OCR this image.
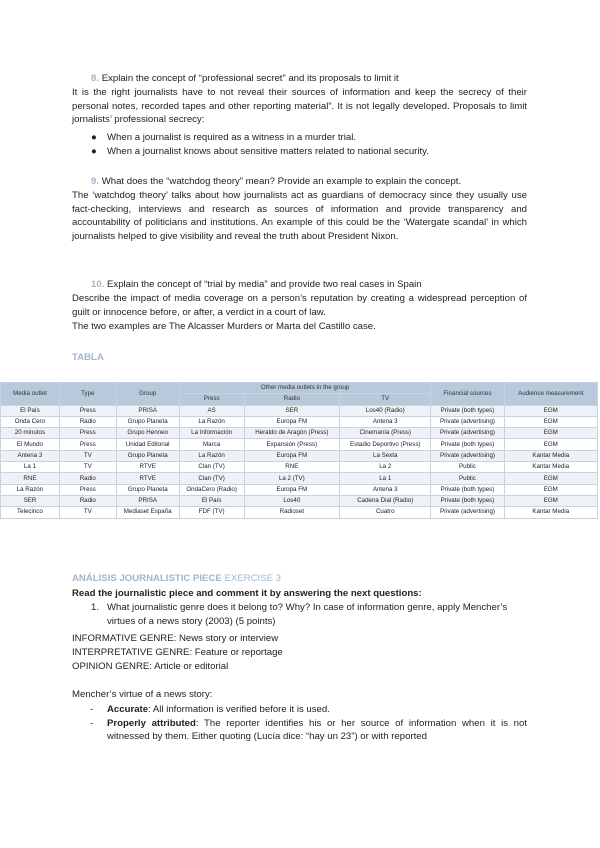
8. Explain the concept of “professional secret” and its proposals to limit it
It is the right journalists have to not reveal their sources of information and keep the secrecy of their personal notes, recorded tapes and other reporting material”. It is not legally developed. Proposals to limit jornalists’ professional secrecy:
● When a journalist is required as a witness in a murder trial.
● When a journalist knows about sensitive matters related to national security.
9. What does the “watchdog theory” mean? Provide an example to explain the concept.
The ‘watchdog theory’ talks about how journalists act as guardians of democracy since they usually use fact-checking, interviews and research as sources of information and provide transparency and accountability of politicians and institutions. An example of this could be the ‘Watergate scandal’ in which journalists helped to give visibility and reveal the truth about President Nixon.
10. Explain the concept of “trial by media” and provide two real cases in Spain
Describe the impact of media coverage on a person’s reputation by creating a widespread perception of guilt or innocence before, or after, a verdict in a court of law.
The two examples are The Alcasser Murders or Marta del Castillo case.
TABLA
Media outlet	Type	Group	Other media outlets in the group			Financial sources	Audience measurement
			Press	Radio	TV		
El País	Press	PRISA	AS	SER	Los40 (Radio)	Private (both types)	EGM
Onda Cero	Radio	Grupo Planeta	La Razón	Europa FM	Antena 3	Private (advertising)	EGM
20 minutos	Press	Grupo Henneo	La Información	Heraldo de Aragón (Press)	Cinemanía (Press)	Private (advertising)	EGM
El Mundo	Press	Unidad Editorial	Marca	Expansión (Press)	Estadio Deportivo (Press)	Private (both types)	EGM
Antena 3	TV	Grupo Planeta	La Razón	Europa FM	La Sexta	Private (advertising)	Kantar Media
La 1	TV	RTVE	Clan (TV)	RNE	La 2	Public	Kantar Media
RNE	Radio	RTVE	Clan (TV)	La 2 (TV)	La 1	Public	EGM
La Razón	Press	Grupo Planeta	OndaCero (Radio)	Europa FM	Antena 3	Private (both types)	EGM
SER	Radio	PRISA	El País	Los40	Cadena Dial (Radio)	Private (both types)	EGM
Telecinco	TV	Mediaset España	FDF (TV)	Radioset	Cuatro	Private (advertising)	Kantar Media
ANÁLISIS JOURNALISTIC PIECE EXERCISE 3
Read the journalistic piece and comment it by answering the next questions:
1. What journalistic genre does it belong to? Why? In case of information genre, apply Mencher’s virtues of a news story (2003) (5 points)
INFORMATIVE GENRE: News story or interview
INTERPRETATIVE GENRE: Feature or reportage
OPINION GENRE: Article or editorial
Mencher’s virtue of a news story:
- Accurate: All information is verified before it is used.
- Properly attributed: The reporter identifies his or her source of information when it is not witnessed by them. Either quoting (Lucía dice: “hay un 23”) or with reported
